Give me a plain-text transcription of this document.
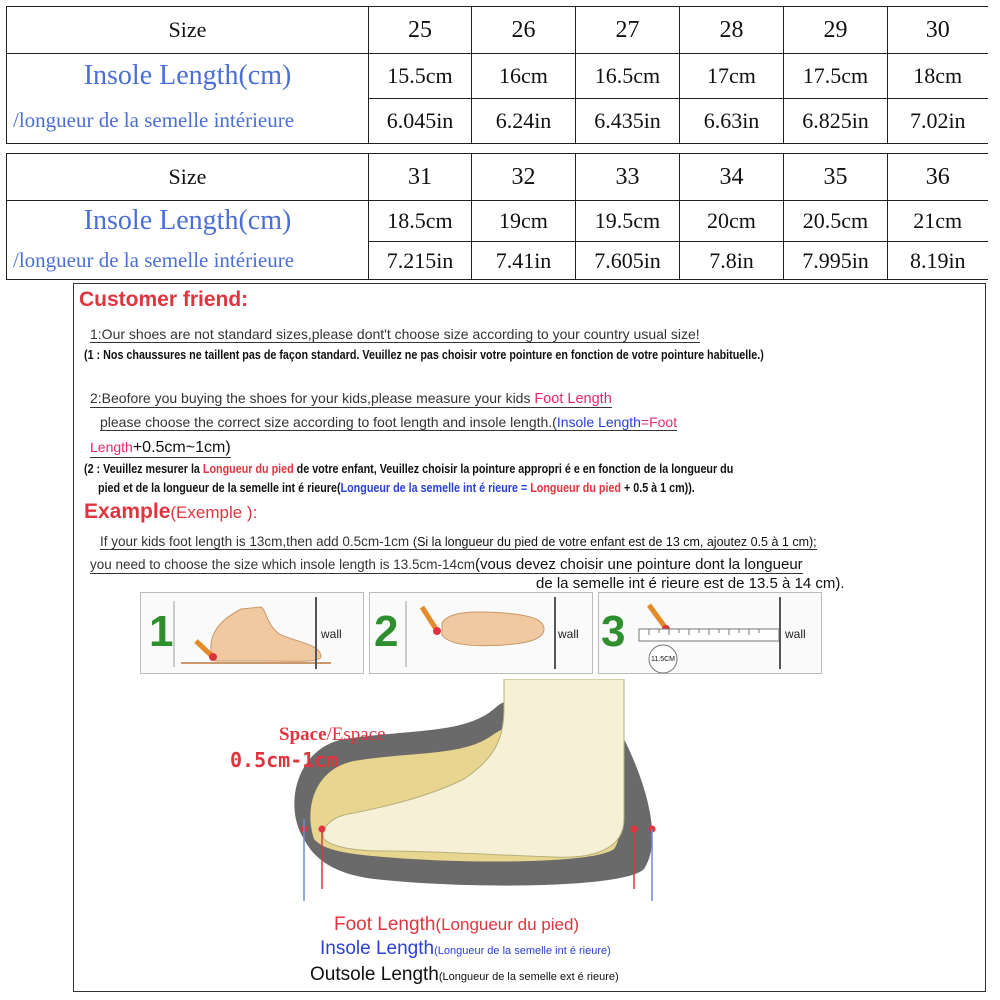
Size	25	26	27	28	29	30
Insole Length(cm)	15.5cm	16cm	16.5cm	17cm	17.5cm	18cm
/longueur de la semelle intérieure	6.045in	6.24in	6.435in	6.63in	6.825in	7.02in
Size	31	32	33	34	35	36
Insole Length(cm)	18.5cm	19cm	19.5cm	20cm	20.5cm	21cm
/longueur de la semelle intérieure	7.215in	7.41in	7.605in	7.8in	7.995in	8.19in
Customer friend:
1:Our shoes are not standard sizes,please dont't choose size according to your country usual size!
(1 : Nos chaussures ne taillent pas de façon standard. Veuillez ne pas choisir votre pointure en fonction de votre pointure habituelle.)
2:Beofore you buying the shoes for your kids,please measure your kids Foot Length
please choose the correct size according to foot length and insole length.(Insole Length=Foot
Length+0.5cm~1cm)
(2 : Veuillez mesurer la Longueur du pied de votre enfant, Veuillez choisir la pointure appropri é e en fonction de la longueur du
pied et de la longueur de la semelle int é rieure(Longueur de la semelle int é rieure = Longueur du pied + 0.5 à 1 cm)).
Example(Exemple ):
If your kids foot length is 13cm,then add 0.5cm-1cm (Si la longueur du pied de votre enfant est de 13 cm, ajoutez 0.5 à 1 cm);
you need to choose the size which insole length is 13.5cm-14cm(vous devez choisir une pointure dont la longueur
de la semelle int é rieure est de 13.5 à 14 cm).
1	wall 2	wall 3
11.5CM
wall
Space/Espace
0.5cm-1cm
Foot Length(Longueur du pied)
Insole Length(Longueur de la semelle int é rieure)
Outsole Length(Longueur de la semelle ext é rieure)
